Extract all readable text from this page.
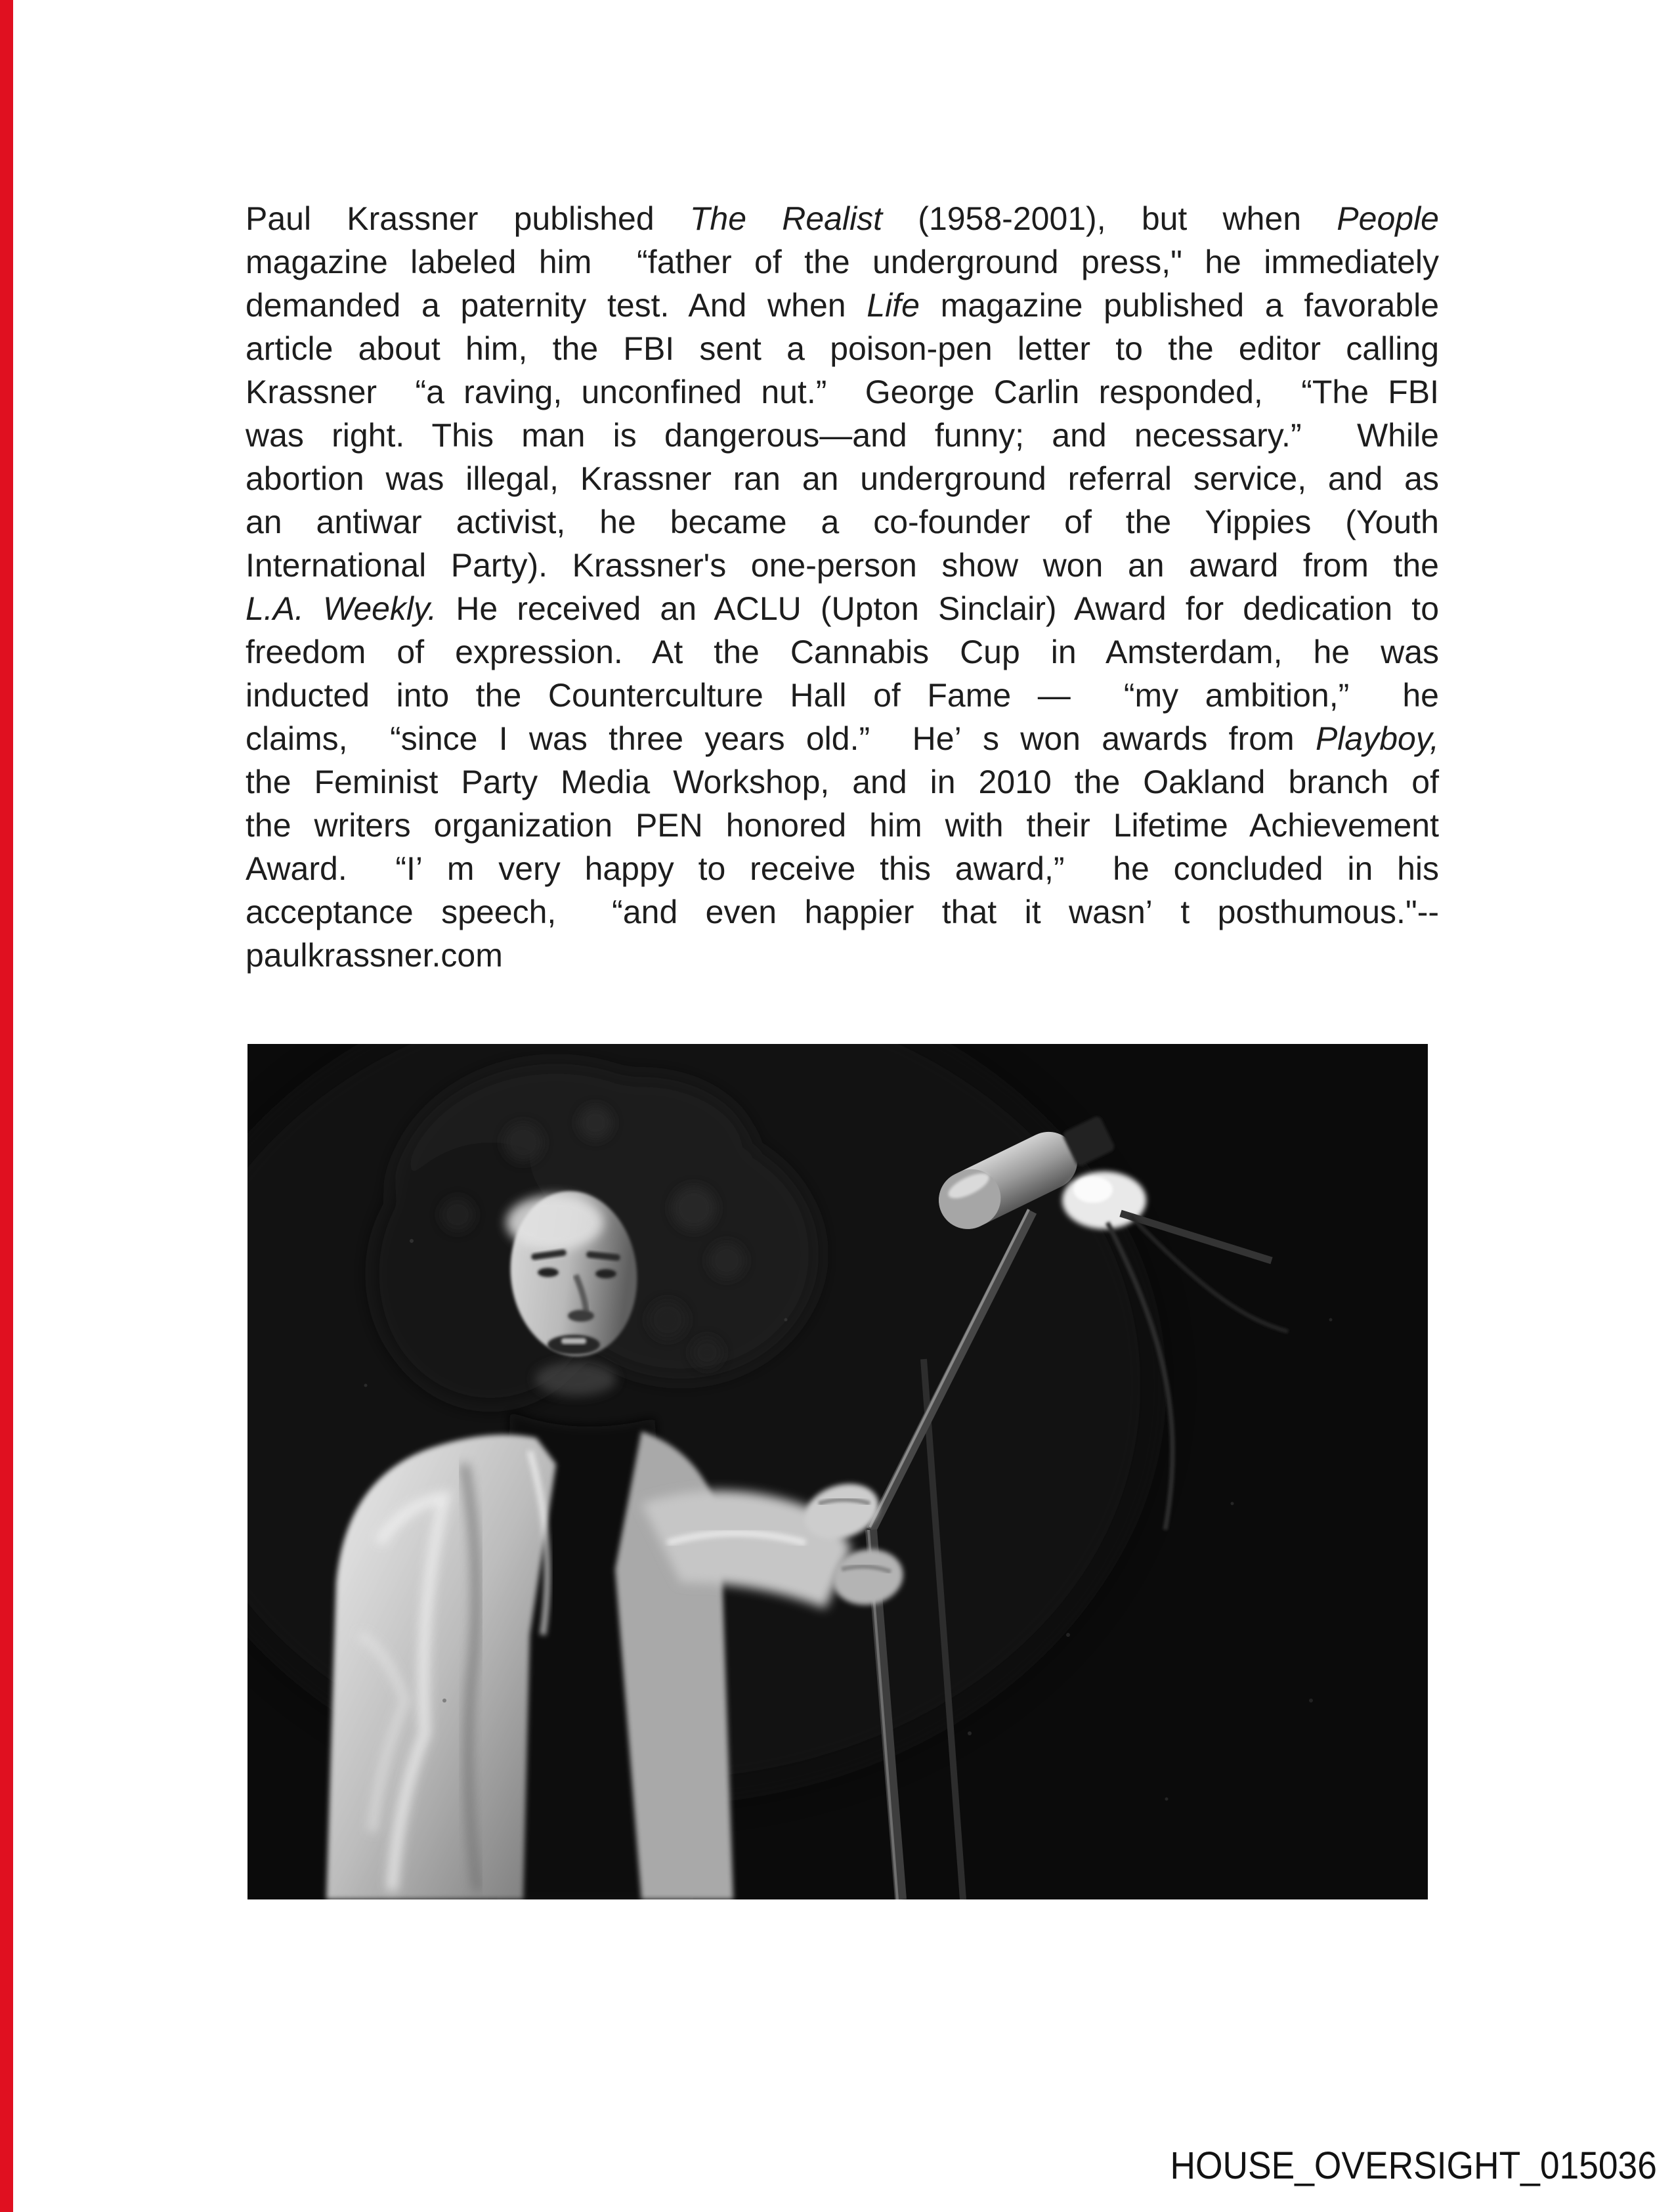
Paul Krassner published The Realist (1958-2001), but when People
magazine labeled him  “father of the underground press," he immediately
demanded a paternity test. And when Life magazine published a favorable
article about him, the FBI sent a poison-pen letter to the editor calling
Krassner  “a raving, unconfined nut.”  George Carlin responded,  “The FBI
was right. This man is dangerous—and funny; and necessary.”  While
abortion was illegal, Krassner ran an underground referral service, and as
an antiwar activist, he became a co-founder of the Yippies (Youth
International Party). Krassner's one-person show won an award from the
L.A. Weekly. He received an ACLU (Upton Sinclair) Award for dedication to
freedom of expression. At the Cannabis Cup in Amsterdam, he was
inducted into the Counterculture Hall of Fame —  “my ambition,”  he
claims,  “since I was three years old.”  He’ s won awards from Playboy,
the Feminist Party Media Workshop, and in 2010 the Oakland branch of
the writers organization PEN honored him with their Lifetime Achievement
Award.  “I’ m very happy to receive this award,”  he concluded in his
acceptance speech,  “and even happier that it wasn’ t posthumous."--
paulkrassner.com
HOUSE_OVERSIGHT_015036
